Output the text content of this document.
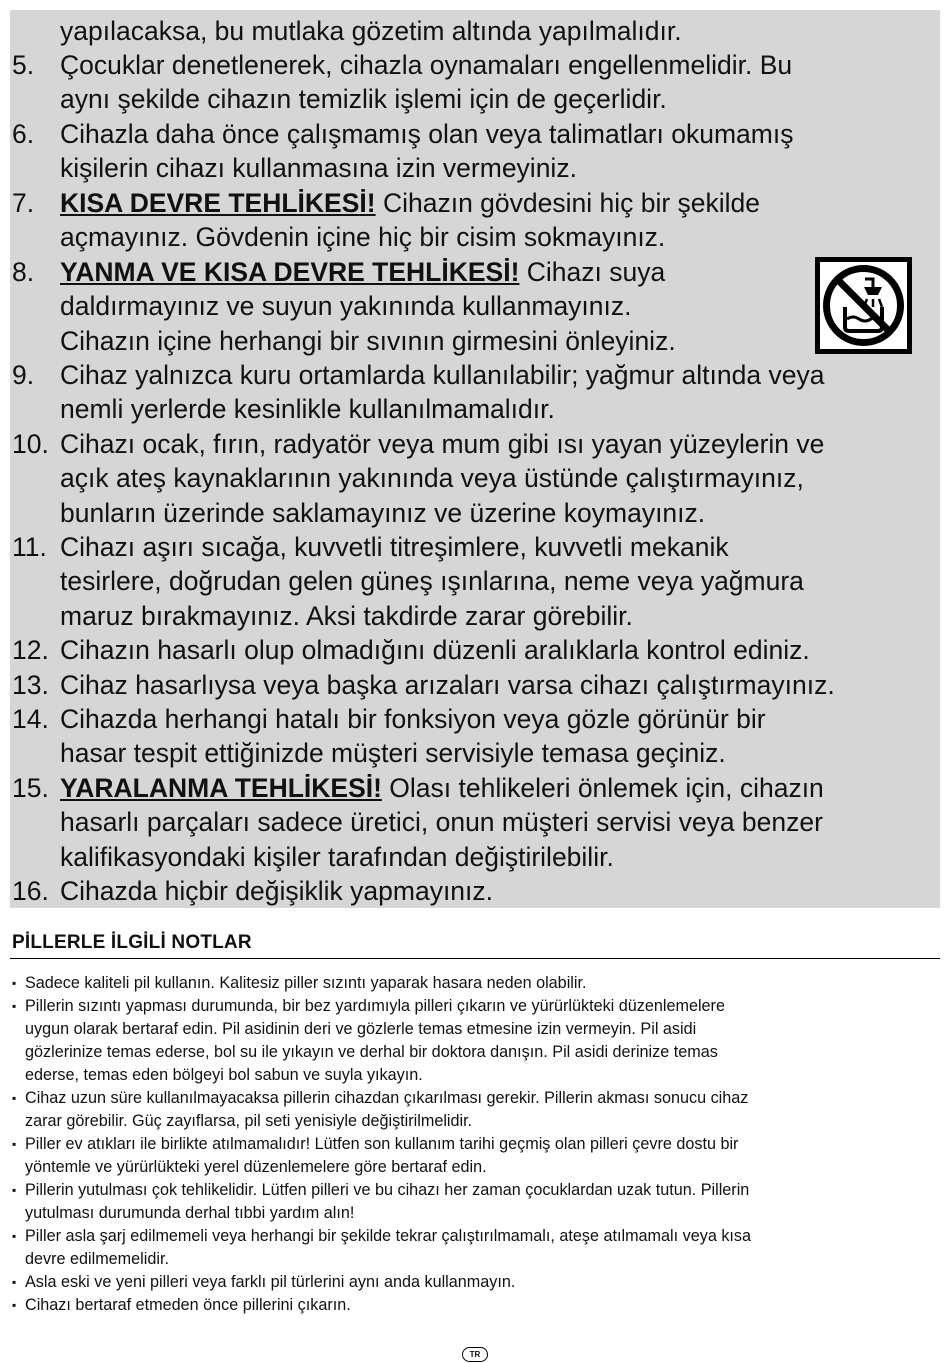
yapılacaksa, bu mutlaka gözetim altında yapılmalıdır.
5. Çocuklar denetlenerek, cihazla oynamaları engellenmelidir. Bu
aynı şekilde cihazın temizlik işlemi için de geçerlidir.
6. Cihazla daha önce çalışmamış olan veya talimatları okumamış
kişilerin cihazı kullanmasına izin vermeyiniz.
7. KISA DEVRE TEHLİKESİ! Cihazın gövdesini hiç bir şekilde
açmayınız. Gövdenin içine hiç bir cisim sokmayınız.
8. YANMA VE KISA DEVRE TEHLİKESİ! Cihazı suya
daldırmayınız ve suyun yakınında kullanmayınız.
Cihazın içine herhangi bir sıvının girmesini önleyiniz.
9. Cihaz yalnızca kuru ortamlarda kullanılabilir; yağmur altında veya
nemli yerlerde kesinlikle kullanılmamalıdır.
10. Cihazı ocak, fırın, radyatör veya mum gibi ısı yayan yüzeylerin ve
açık ateş kaynaklarının yakınında veya üstünde çalıştırmayınız,
bunların üzerinde saklamayınız ve üzerine koymayınız.
11. Cihazı aşırı sıcağa, kuvvetli titreşimlere, kuvvetli mekanik
tesirlere, doğrudan gelen güneş ışınlarına, neme veya yağmura
maruz bırakmayınız. Aksi takdirde zarar görebilir.
12. Cihazın hasarlı olup olmadığını düzenli aralıklarla kontrol ediniz.
13. Cihaz hasarlıysa veya başka arızaları varsa cihazı çalıştırmayınız.
14. Cihazda herhangi hatalı bir fonksiyon veya gözle görünür bir
hasar tespit ettiğinizde müşteri servisiyle temasa geçiniz.
15. YARALANMA TEHLİKESİ! Olası tehlikeleri önlemek için, cihazın
hasarlı parçaları sadece üretici, onun müşteri servisi veya benzer
kalifikasyondaki kişiler tarafından değiştirilebilir.
16. Cihazda hiçbir değişiklik yapmayınız.
PİLLERLE İLGİLİ NOTLAR
▪ Sadece kaliteli pil kullanın. Kalitesiz piller sızıntı yaparak hasara neden olabilir.
▪ Pillerin sızıntı yapması durumunda, bir bez yardımıyla pilleri çıkarın ve yürürlükteki düzenlemelere
uygun olarak bertaraf edin. Pil asidinin deri ve gözlerle temas etmesine izin vermeyin. Pil asidi
gözlerinize temas ederse, bol su ile yıkayın ve derhal bir doktora danışın. Pil asidi derinize temas
ederse, temas eden bölgeyi bol sabun ve suyla yıkayın.
▪ Cihaz uzun süre kullanılmayacaksa pillerin cihazdan çıkarılması gerekir. Pillerin akması sonucu cihaz
zarar görebilir. Güç zayıflarsa, pil seti yenisiyle değiştirilmelidir.
▪ Piller ev atıkları ile birlikte atılmamalıdır! Lütfen son kullanım tarihi geçmiş olan pilleri çevre dostu bir
yöntemle ve yürürlükteki yerel düzenlemelere göre bertaraf edin.
▪ Pillerin yutulması çok tehlikelidir. Lütfen pilleri ve bu cihazı her zaman çocuklardan uzak tutun. Pillerin
yutulması durumunda derhal tıbbi yardım alın!
▪ Piller asla şarj edilmemeli veya herhangi bir şekilde tekrar çalıştırılmamalı, ateşe atılmamalı veya kısa
devre edilmemelidir.
▪ Asla eski ve yeni pilleri veya farklı pil türlerini aynı anda kullanmayın.
▪ Cihazı bertaraf etmeden önce pillerini çıkarın.
TR
